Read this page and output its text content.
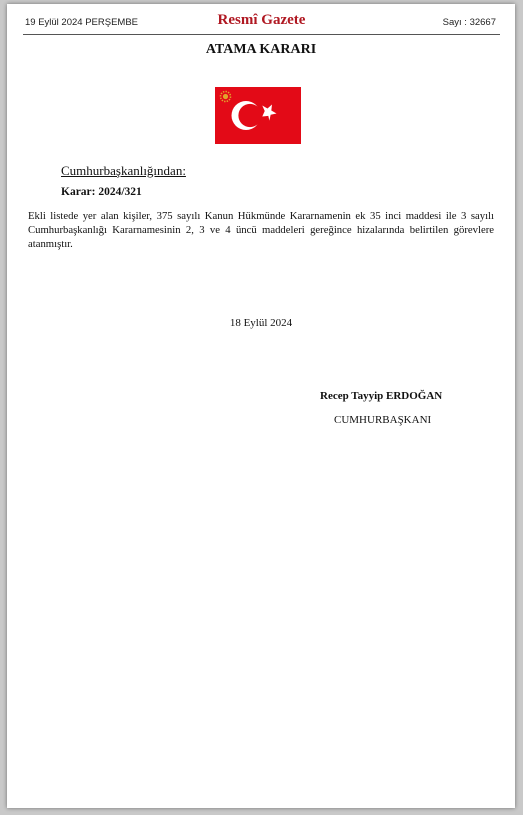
19 Eylül 2024 PERŞEMBE	Resmî Gazete	Sayı : 32667
ATAMA KARARI
Cumhurbaşkanlığından:
Karar: 2024/321
Ekli listede yer alan kişiler, 375 sayılı Kanun Hükmünde Kararnamenin ek 35 inci maddesi ile 3 sayılı Cumhurbaşkanlığı Kararnamesinin 2, 3 ve 4 üncü maddeleri gereğince hizalarında belirtilen görevlere atanmıştır.
18 Eylül 2024
Recep Tayyip ERDOĞAN
CUMHURBAŞKANI
